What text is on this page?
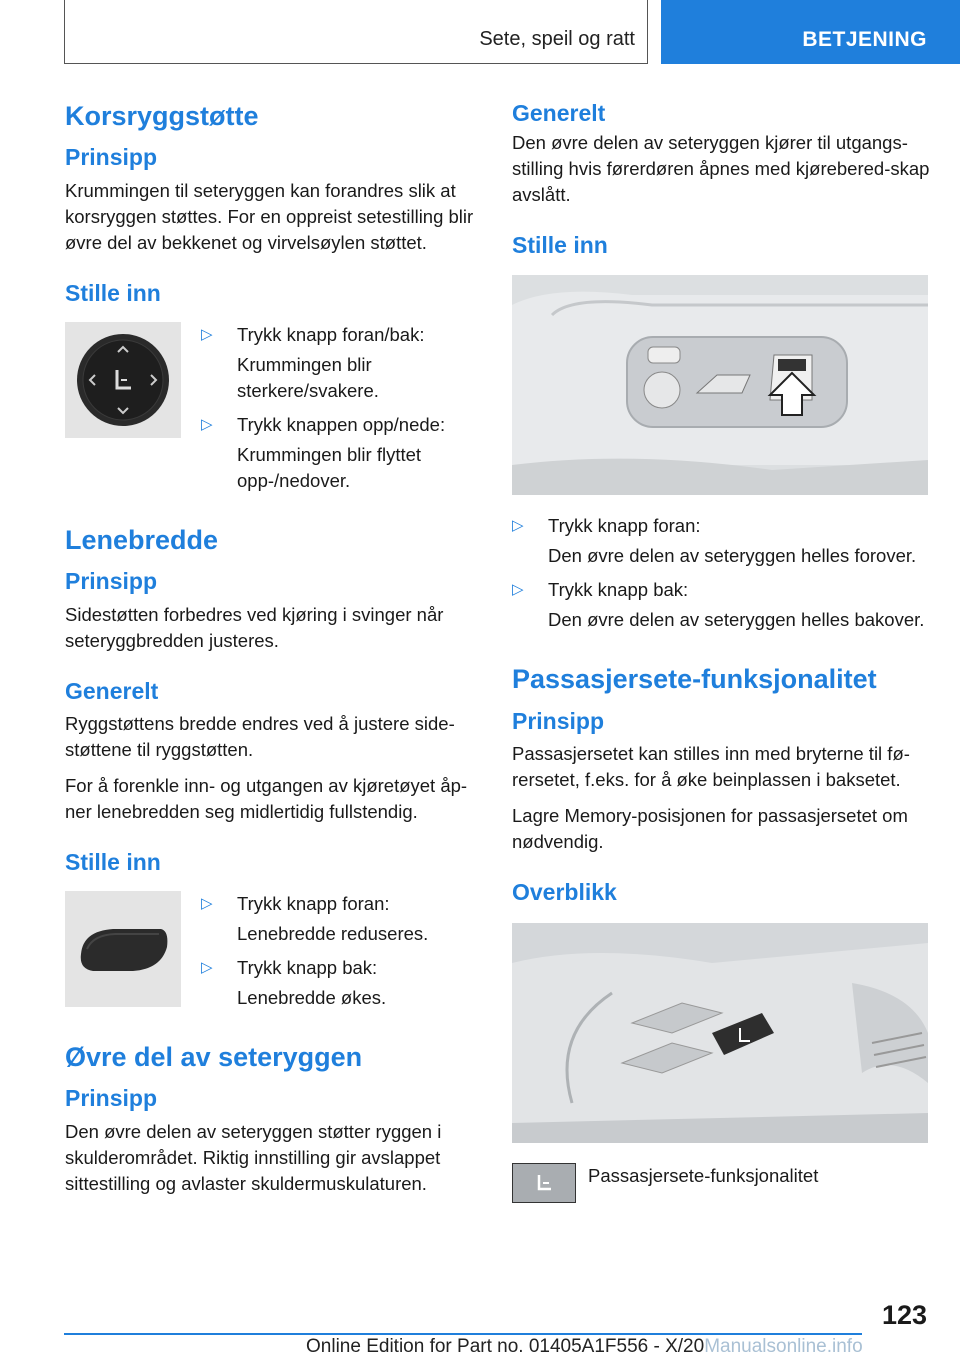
Sete, speil og ratt	BETJENING
Korsryggstøtte
Prinsipp

Krummingen til seteryggen kan forandres slik at korsryggen støttes. For en oppreist setestilling blir øvre del av bekkenet og virvelsøylen støttet.

Stille inn
▷	Trykk knapp foran/bak:
Krummingen blir sterkere/svakere.
▷	Trykk knappen opp/nede:
Krummingen blir flyttet opp-/nedover.
Lenebredde
Prinsipp

Sidestøtten forbedres ved kjøring i svinger når seteryggbredden justeres.

Generelt

Ryggstøttens bredde endres ved å justere side-støttene til ryggstøtten.

For å forenkle inn- og utgangen av kjøretøyet åp-ner lenebredden seg midlertidig fullstendig.

Stille inn
▷	Trykk knapp foran:
Lenebredde reduseres.
▷	Trykk knapp bak:
Lenebredde økes.
Øvre del av seteryggen
Prinsipp

Den øvre delen av seteryggen støtter ryggen i skulderområdet. Riktig innstilling gir avslappet sittestilling og avlaster skuldermuskulaturen.

Generelt

Den øvre delen av seteryggen kjører til utgangs-stilling hvis førerdøren åpnes med kjørebered-skap avslått.

Stille inn
▷	Trykk knapp foran:
Den øvre delen av seteryggen helles forover.
▷	Trykk knapp bak:
Den øvre delen av seteryggen helles bakover.
Passasjersete-funksjonalitet
Prinsipp

Passasjersetet kan stilles inn med bryterne til fø-rersetet, f.eks. for å øke beinplassen i baksetet.

Lagre Memory-posisjonen for passasjersetet om nødvendig.

Overblikk
Passasjersete-funksjonalitet
123
Online Edition for Part no. 01405A1F556 - X/20Manualsonline.info
